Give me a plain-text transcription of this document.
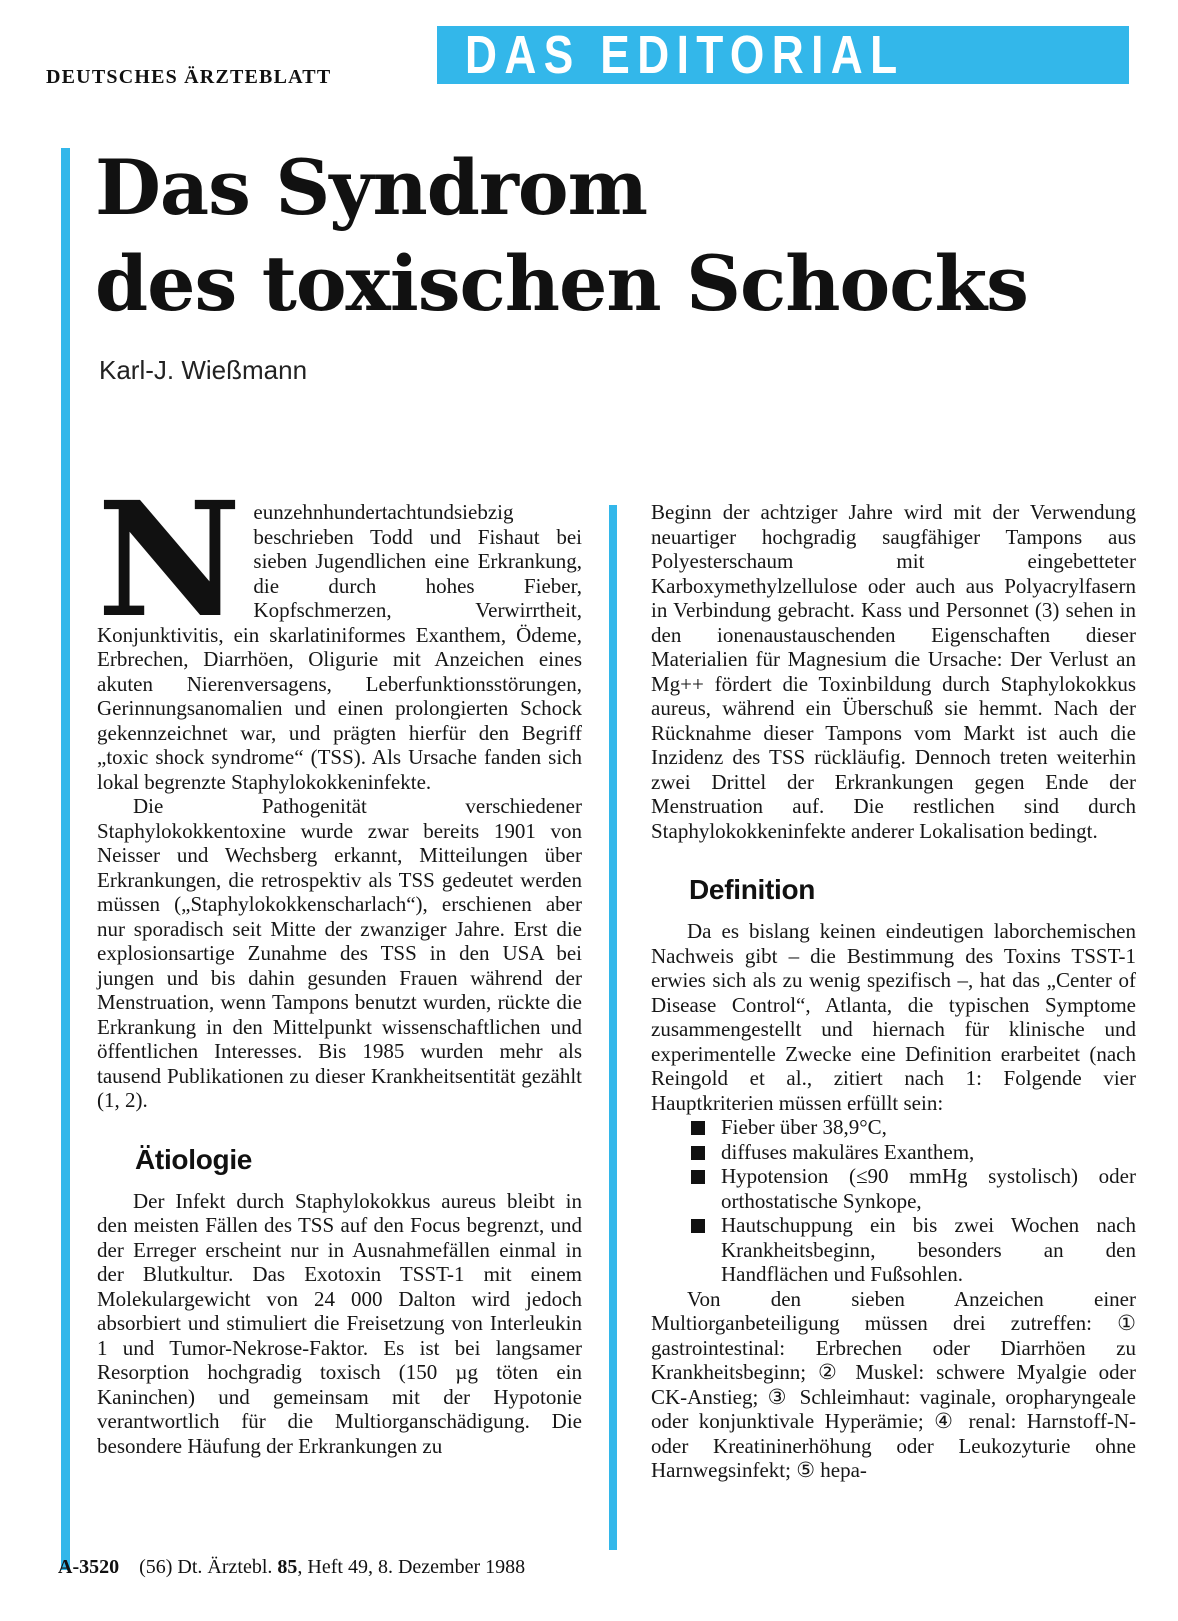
DEUTSCHES ÄRZTEBLATT DAS EDITORIAL
Das Syndrom
des toxischen Schocks
Karl-J. Wießmann

Neunzehnhundertachtundsiebzig beschrieben Todd und Fishaut bei sieben Jugendlichen eine Erkrankung, die durch hohes Fieber, Kopfschmerzen, Verwirrtheit, Konjunktivitis, ein skarlatiniformes Exanthem, Ödeme, Erbrechen, Diarrhöen, Oligurie mit Anzeichen eines akuten Nierenversagens, Leberfunktionsstörungen, Gerinnungsanomalien und einen prolongierten Schock gekennzeichnet war, und prägten hierfür den Begriff „toxic shock syndrome“ (TSS). Als Ursache fanden sich lokal begrenzte Staphylokokkeninfekte.

Die Pathogenität verschiedener Staphylokokkentoxine wurde zwar bereits 1901 von Neisser und Wechsberg erkannt, Mitteilungen über Erkrankungen, die retrospektiv als TSS gedeutet werden müssen („Staphylokokkenscharlach“), erschienen aber nur sporadisch seit Mitte der zwanziger Jahre. Erst die explosionsartige Zunahme des TSS in den USA bei jungen und bis dahin gesunden Frauen während der Menstruation, wenn Tampons benutzt wurden, rückte die Erkrankung in den Mittelpunkt wissenschaftlichen und öffentlichen Interesses. Bis 1985 wurden mehr als tausend Publikationen zu dieser Krankheitsentität gezählt (1, 2).

Ätiologie

Der Infekt durch Staphylokokkus aureus bleibt in den meisten Fällen des TSS auf den Focus begrenzt, und der Erreger erscheint nur in Ausnahmefällen einmal in der Blutkultur. Das Exotoxin TSST-1 mit einem Molekulargewicht von 24 000 Dalton wird jedoch absorbiert und stimuliert die Freisetzung von Interleukin 1 und Tumor-Nekrose-Faktor. Es ist bei langsamer Resorption hochgradig toxisch (150 µg töten ein Kaninchen) und gemeinsam mit der Hypotonie verantwortlich für die Multiorganschädigung. Die besondere Häufung der Erkrankungen zu

Beginn der achtziger Jahre wird mit der Verwendung neuartiger hochgradig saugfähiger Tampons aus Polyesterschaum mit eingebetteter Karboxymethylzellulose oder auch aus Polyacrylfasern in Verbindung gebracht. Kass und Personnet (3) sehen in den ionenaustauschenden Eigenschaften dieser Materialien für Magnesium die Ursache: Der Verlust an Mg++ fördert die Toxinbildung durch Staphylokokkus aureus, während ein Überschuß sie hemmt. Nach der Rücknahme dieser Tampons vom Markt ist auch die Inzidenz des TSS rückläufig. Dennoch treten weiterhin zwei Drittel der Erkrankungen gegen Ende der Menstruation auf. Die restlichen sind durch Staphylokokkeninfekte anderer Lokalisation bedingt.

Definition

Da es bislang keinen eindeutigen laborchemischen Nachweis gibt – die Bestimmung des Toxins TSST-1 erwies sich als zu wenig spezifisch –, hat das „Center of Disease Control“, Atlanta, die typischen Symptome zusammengestellt und hiernach für klinische und experimentelle Zwecke eine Definition erarbeitet (nach Reingold et al., zitiert nach 1: Folgende vier Hauptkriterien müssen erfüllt sein:

Fieber über 38,9°C,
diffuses makuläres Exanthem,
Hypotension (≤90 mmHg systolisch) oder orthostatische Synkope,
Hautschuppung ein bis zwei Wochen nach Krankheitsbeginn, besonders an den Handflächen und Fußsohlen.

Von den sieben Anzeichen einer Multiorganbeteiligung müssen drei zutreffen: ① gastrointestinal: Erbrechen oder Diarrhöen zu Krankheitsbeginn; ② Muskel: schwere Myalgie oder CK-Anstieg; ③ Schleimhaut: vaginale, oropharyngeale oder konjunktivale Hyperämie; ④ renal: Harnstoff-N- oder Kreatininerhöhung oder Leukozyturie ohne Harnwegsinfekt; ⑤ hepa-

A-3520 (56) Dt. Ärztebl. 85, Heft 49, 8. Dezember 1988
